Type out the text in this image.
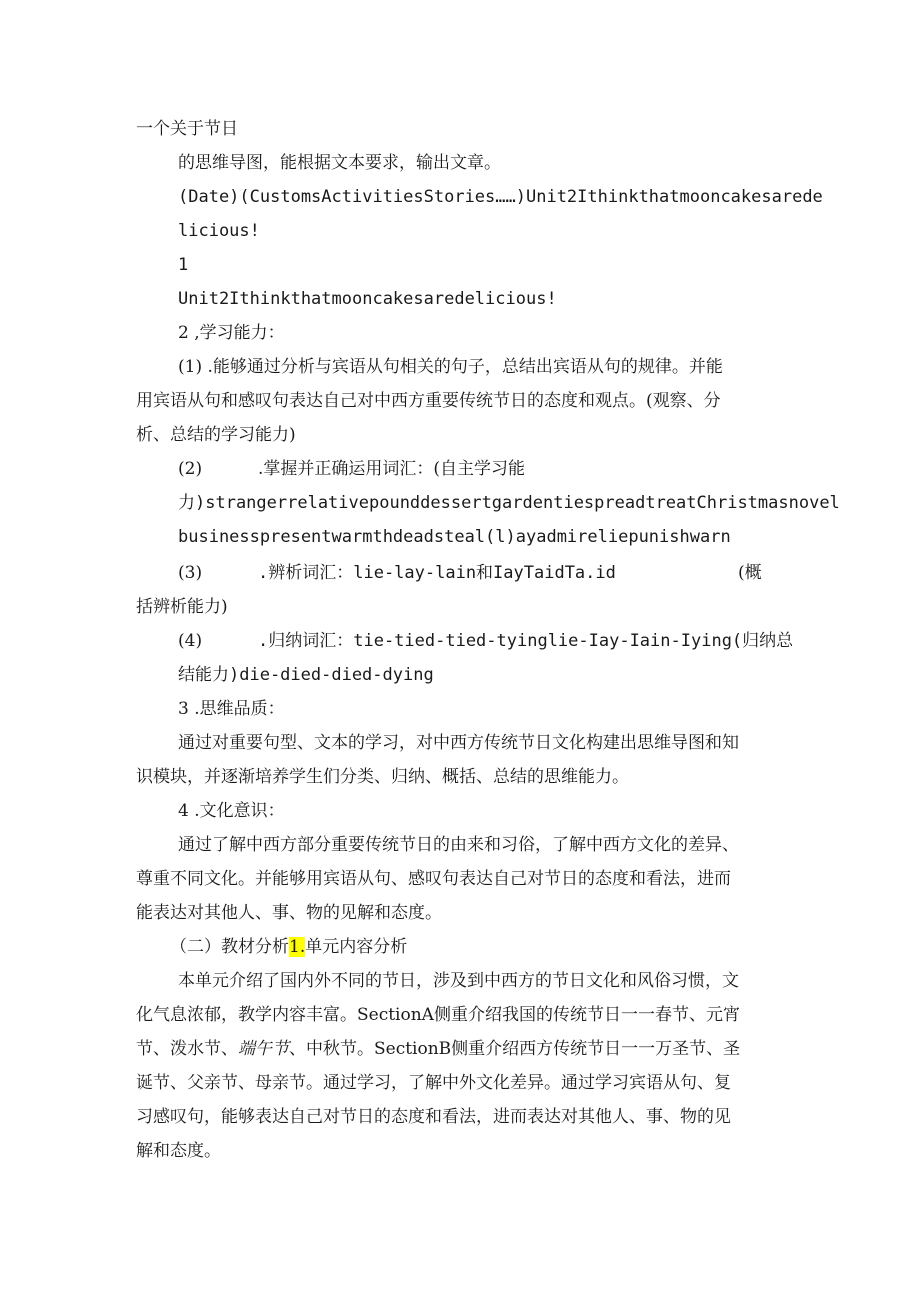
一个关于节日
的思维导图，能根据文本要求，输出文章。
(Date)(CustomsActivitiesStories……)Unit2Ithinkthatmooncakesarede
licious!
1
Unit2Ithinkthatmooncakesaredelicious!
2 ,学习能力：
(1) .能够通过分析与宾语从句相关的句子，总结出宾语从句的规律。并能
用宾语从句和感叹句表达自己对中西方重要传统节日的态度和观点。(观察、分
析、总结的学习能力)
(2)	.掌握并正确运用词汇：(自主学习能
力)strangerrelativepounddessertgardentiespreadtreatChristmasnovel
businesspresentwarmthdeadsteal(l)ayadmireliepunishwarn
(3)	.辨析词汇：lie-lay-lain和IayTaidTa.id	(概
括辨析能力)
(4)	.归纳词汇：tie-tied-tied-tyinglie-Iay-Iain-Iying(归纳总
结能力)die-died-died-dying
3 .思维品质：
通过对重要句型、文本的学习，对中西方传统节日文化构建出思维导图和知
识模块，并逐渐培养学生们分类、归纳、概括、总结的思维能力。
4 .文化意识：
通过了解中西方部分重要传统节日的由来和习俗，了解中西方文化的差异、
尊重不同文化。并能够用宾语从句、感叹句表达自己对节日的态度和看法，进而
能表达对其他人、事、物的见解和态度。
（二）教材分析1.单元内容分析
本单元介绍了国内外不同的节日，涉及到中西方的节日文化和风俗习惯，文
化气息浓郁，教学内容丰富。SectionA侧重介绍我国的传统节日一一春节、元宵
节、泼水节、端午节、中秋节。SectionB侧重介绍西方传统节日一一万圣节、圣
诞节、父亲节、母亲节。通过学习，了解中外文化差异。通过学习宾语从句、复
习感叹句，能够表达自己对节日的态度和看法，进而表达对其他人、事、物的见
解和态度。
